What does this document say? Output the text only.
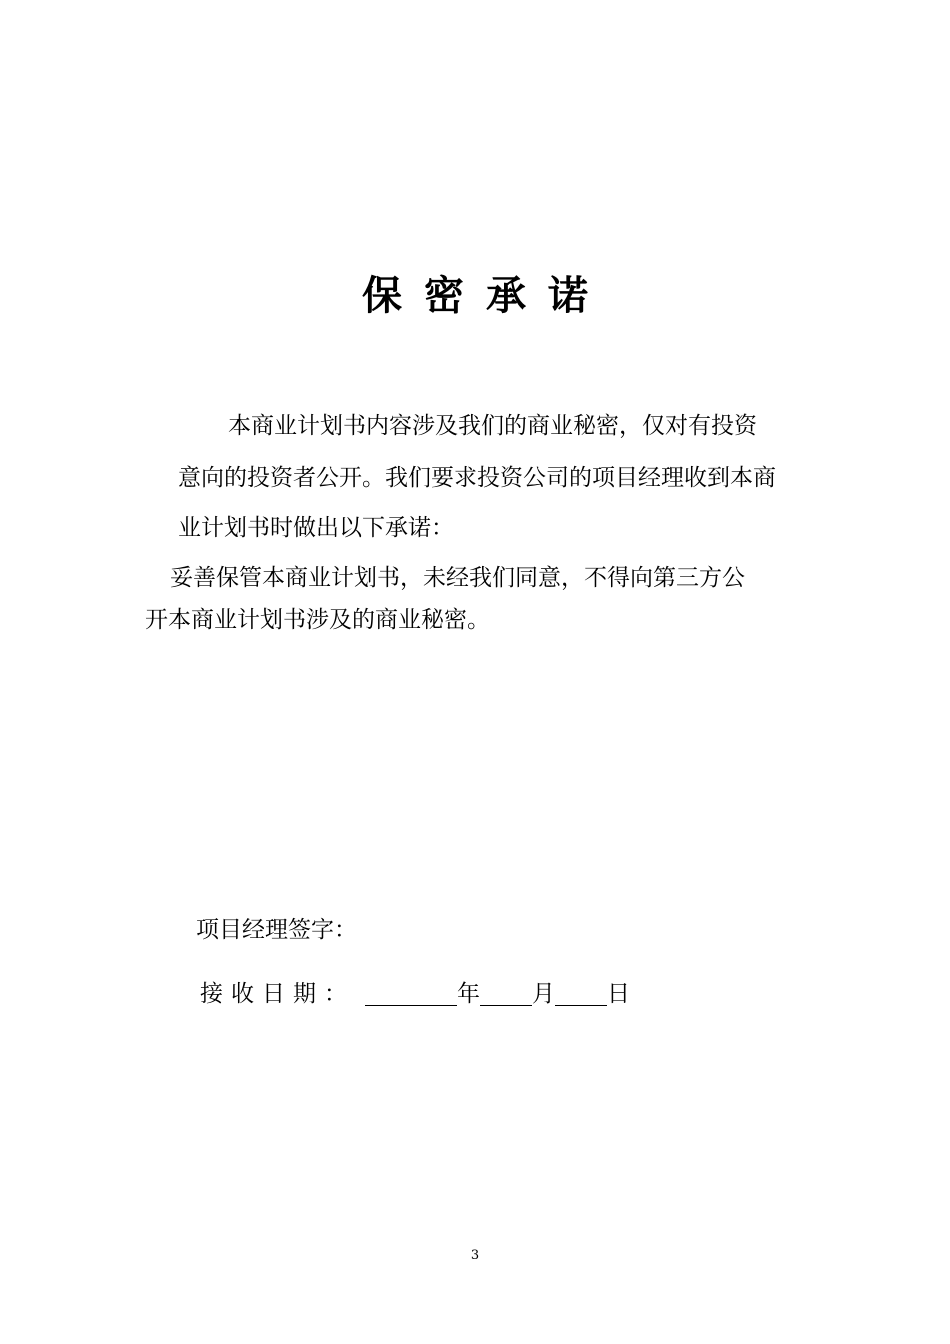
保密承诺
本商业计划书内容涉及我们的商业秘密，仅对有投资
意向的投资者公开。我们要求投资公司的项目经理收到本商
业计划书时做出以下承诺：
妥善保管本商业计划书，未经我们同意，不得向第三方公
开本商业计划书涉及的商业秘密。
项目经理签字：
接收日期：	年 月 日
3
